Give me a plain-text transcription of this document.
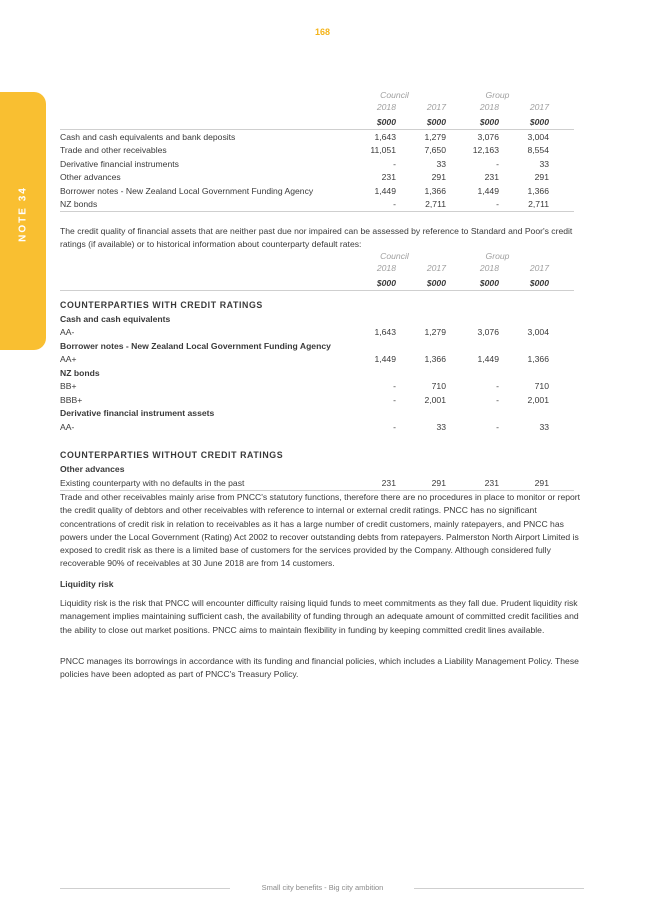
168
NOTE 34
	Council		Group		
	2018	2017	2018	2017	
	$000	$000	$000	$000	
Cash and cash equivalents and bank deposits	1,643	1,279	3,076	3,004	
Trade and other receivables	11,051	7,650	12,163	8,554	
Derivative financial instruments	-	33	-	33	
Other advances	231	291	231	291	
Borrower notes - New Zealand Local Government Funding Agency	1,449	1,366	1,449	1,366	
NZ bonds	-	2,711	-	2,711	

The credit quality of financial assets that are neither past due nor impaired can be assessed by reference to Standard and Poor's credit ratings (if available) or to historical information about counterparty default rates:

	Council		Group		
	2018	2017	2018	2017	
	$000	$000	$000	$000	

COUNTERPARTIES WITH CREDIT RATINGS					
Cash and cash equivalents					
AA-	1,643	1,279	3,076	3,004	
Borrower notes - New Zealand Local Government Funding Agency					
AA+	1,449	1,366	1,449	1,366	
NZ bonds					
BB+	-	710	-	710	
BBB+	-	2,001	-	2,001	
Derivative financial instrument assets					
AA-	-	33	-	33	

COUNTERPARTIES WITHOUT CREDIT RATINGS					
Other advances					
Existing counterparty with no defaults in the past	231	291	231	291	

Trade and other receivables mainly arise from PNCC's statutory functions, therefore there are no procedures in place to monitor or report the credit quality of debtors and other receivables with reference to internal or external credit ratings. PNCC has no significant concentrations of credit risk in relation to receivables as it has a large number of credit customers, mainly ratepayers, and PNCC has powers under the Local Government (Rating) Act 2002 to recover outstanding debts from ratepayers. Palmerston North Airport Limited is exposed to credit risk as there is a limited base of customers for the services provided by the Company. Although considered fully recoverable 90% of receivables at 30 June 2018 are from 14 customers.

Liquidity risk

Liquidity risk is the risk that PNCC will encounter difficulty raising liquid funds to meet commitments as they fall due. Prudent liquidity risk management implies maintaining sufficient cash, the availability of funding through an adequate amount of committed credit facilities and the ability to close out market positions. PNCC aims to maintain flexibility in funding by keeping committed credit lines available.

PNCC manages its borrowings in accordance with its funding and financial policies, which includes a Liability Management Policy. These policies have been adopted as part of PNCC's Treasury Policy.

Small city benefits - Big city ambition
